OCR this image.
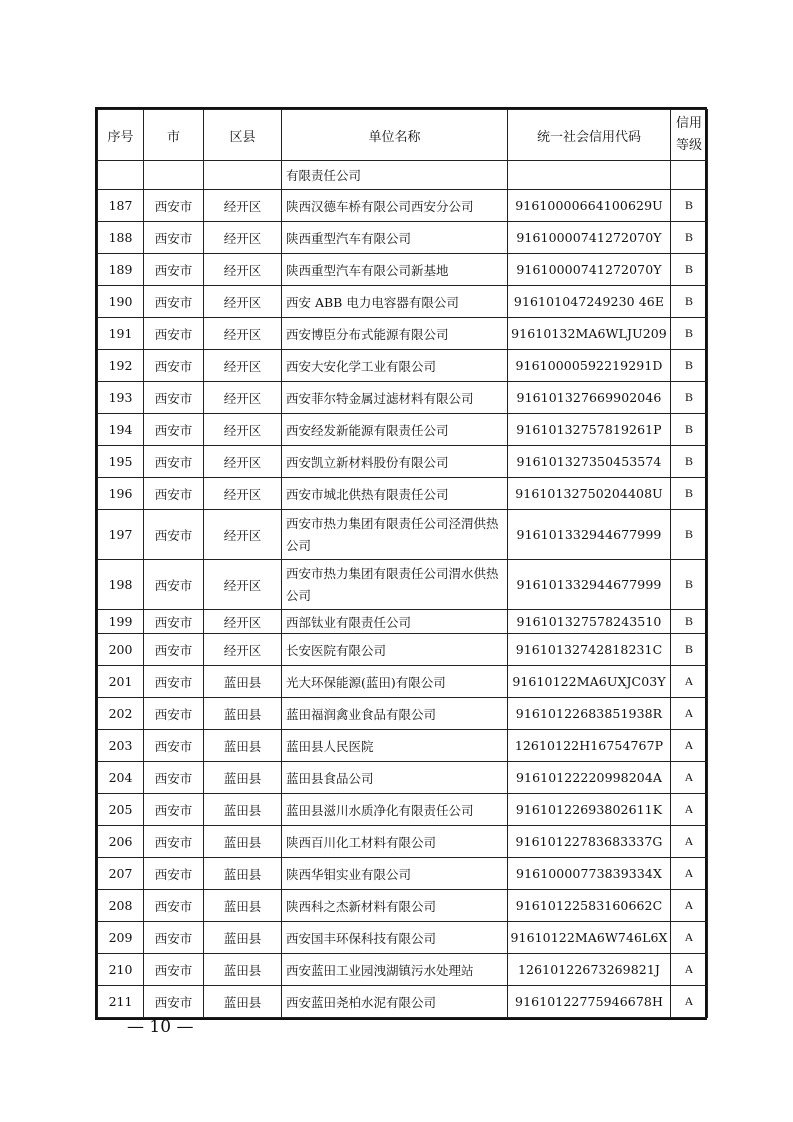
序号	市	区县	单位名称	统一社会信用代码	信用
等级
			有限责任公司		
187	西安市	经开区	陕西汉德车桥有限公司西安分公司	91610000664100629U	B
188	西安市	经开区	陕西重型汽车有限公司	91610000741272070Y	B
189	西安市	经开区	陕西重型汽车有限公司新基地	91610000741272070Y	B
190	西安市	经开区	西安 ABB 电力电容器有限公司	916101047249230 46E	B
191	西安市	经开区	西安博臣分布式能源有限公司	91610132MA6WLJU209	B
192	西安市	经开区	西安大安化学工业有限公司	91610000592219291D	B
193	西安市	经开区	西安菲尔特金属过滤材料有限公司	916101327669902046	B
194	西安市	经开区	西安经发新能源有限责任公司	91610132757819261P	B
195	西安市	经开区	西安凯立新材料股份有限公司	916101327350453574	B
196	西安市	经开区	西安市城北供热有限责任公司	91610132750204408U	B
197	西安市	经开区	西安市热力集团有限责任公司泾渭供热公司	916101332944677999	B
198	西安市	经开区	西安市热力集团有限责任公司渭水供热公司	916101332944677999	B
199	西安市	经开区	西部钛业有限责任公司	916101327578243510	B
200	西安市	经开区	长安医院有限公司	91610132742818231C	B
201	西安市	蓝田县	光大环保能源(蓝田)有限公司	91610122MA6UXJC03Y	A
202	西安市	蓝田县	蓝田福润禽业食品有限公司	91610122683851938R	A
203	西安市	蓝田县	蓝田县人民医院	12610122H16754767P	A
204	西安市	蓝田县	蓝田县食品公司	91610122220998204A	A
205	西安市	蓝田县	蓝田县滋川水质净化有限责任公司	91610122693802611K	A
206	西安市	蓝田县	陕西百川化工材料有限公司	91610122783683337G	A
207	西安市	蓝田县	陕西华钼实业有限公司	91610000773839334X	A
208	西安市	蓝田县	陕西科之杰新材料有限公司	91610122583160662C	A
209	西安市	蓝田县	西安国丰环保科技有限公司	91610122MA6W746L6X	A
210	西安市	蓝田县	西安蓝田工业园洩湖镇污水处理站	12610122673269821J	A
211	西安市	蓝田县	西安蓝田尧柏水泥有限公司	91610122775946678H	A
— 10 —
